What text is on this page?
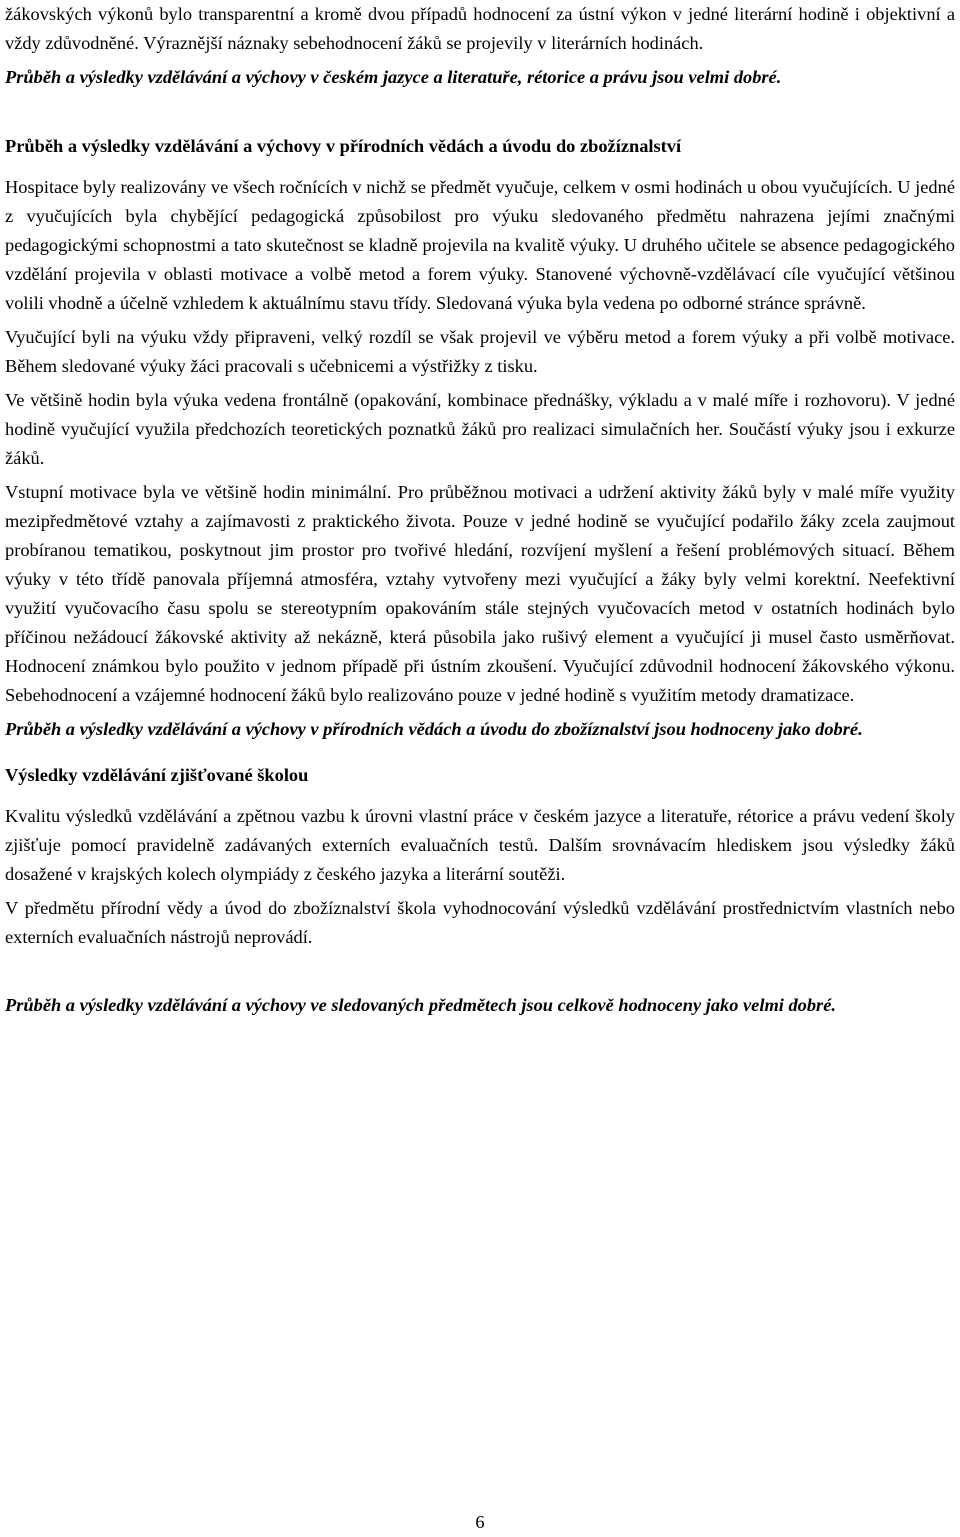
žákovských výkonů bylo transparentní a kromě dvou případů hodnocení za ústní výkon v jedné literární hodině i objektivní a vždy zdůvodněné. Výraznější náznaky sebehodnocení žáků se projevily v literárních hodinách.

Průběh a výsledky vzdělávání a výchovy v českém jazyce a literatuře, rétorice a právu jsou velmi dobré.

Průběh a výsledky vzdělávání a výchovy v přírodních vědách a úvodu do zbožíznalství

Hospitace byly realizovány ve všech ročnících v nichž se předmět vyučuje, celkem v osmi hodinách u obou vyučujících. U jedné z vyučujících byla chybějící pedagogická způsobilost pro výuku sledovaného předmětu nahrazena jejími značnými pedagogickými schopnostmi a tato skutečnost se kladně projevila na kvalitě výuky. U druhého učitele se absence pedagogického vzdělání projevila v oblasti motivace a volbě metod a forem výuky. Stanovené výchovně-vzdělávací cíle vyučující většinou volili vhodně a účelně vzhledem k aktuálnímu stavu třídy. Sledovaná výuka byla vedena po odborné stránce správně.

Vyučující byli na výuku vždy připraveni, velký rozdíl se však projevil ve výběru metod a forem výuky a při volbě motivace. Během sledované výuky žáci pracovali s učebnicemi a výstřižky z tisku.

Ve většině hodin byla výuka vedena frontálně (opakování, kombinace přednášky, výkladu a v malé míře i rozhovoru). V jedné hodině vyučující využila předchozích teoretických poznatků žáků pro realizaci simulačních her. Součástí výuky jsou i exkurze žáků.

Vstupní motivace byla ve většině hodin minimální. Pro průběžnou motivaci a udržení aktivity žáků byly v malé míře využity mezipředmětové vztahy a zajímavosti z praktického života. Pouze v jedné hodině se vyučující podařilo žáky zcela zaujmout probíranou tematikou, poskytnout jim prostor pro tvořivé hledání, rozvíjení myšlení a řešení problémových situací. Během výuky v této třídě panovala příjemná atmosféra, vztahy vytvořeny mezi vyučující a žáky byly velmi korektní. Neefektivní využití vyučovacího času spolu se stereotypním opakováním stále stejných vyučovacích metod v ostatních hodinách bylo příčinou nežádoucí žákovské aktivity až nekázně, která působila jako rušivý element a vyučující ji musel často usměrňovat. Hodnocení známkou bylo použito v jednom případě při ústním zkoušení. Vyučující zdůvodnil hodnocení žákovského výkonu. Sebehodnocení a vzájemné hodnocení žáků bylo realizováno pouze v jedné hodině s využitím metody dramatizace.

Průběh a výsledky vzdělávání a výchovy v přírodních vědách a úvodu do zbožíznalství jsou hodnoceny jako dobré.

Výsledky vzdělávání zjišťované školou

Kvalitu výsledků vzdělávání a zpětnou vazbu k úrovni vlastní práce v českém jazyce a literatuře, rétorice a právu vedení školy zjišťuje pomocí pravidelně zadávaných externích evaluačních testů. Dalším srovnávacím hlediskem jsou výsledky žáků dosažené v krajských kolech olympiády z českého jazyka a literární soutěži.

V předmětu přírodní vědy a úvod do zbožíznalství škola vyhodnocování výsledků vzdělávání prostřednictvím vlastních nebo externích evaluačních nástrojů neprovádí.

Průběh a výsledky vzdělávání a výchovy ve sledovaných předmětech jsou celkově hodnoceny jako velmi dobré.

6
